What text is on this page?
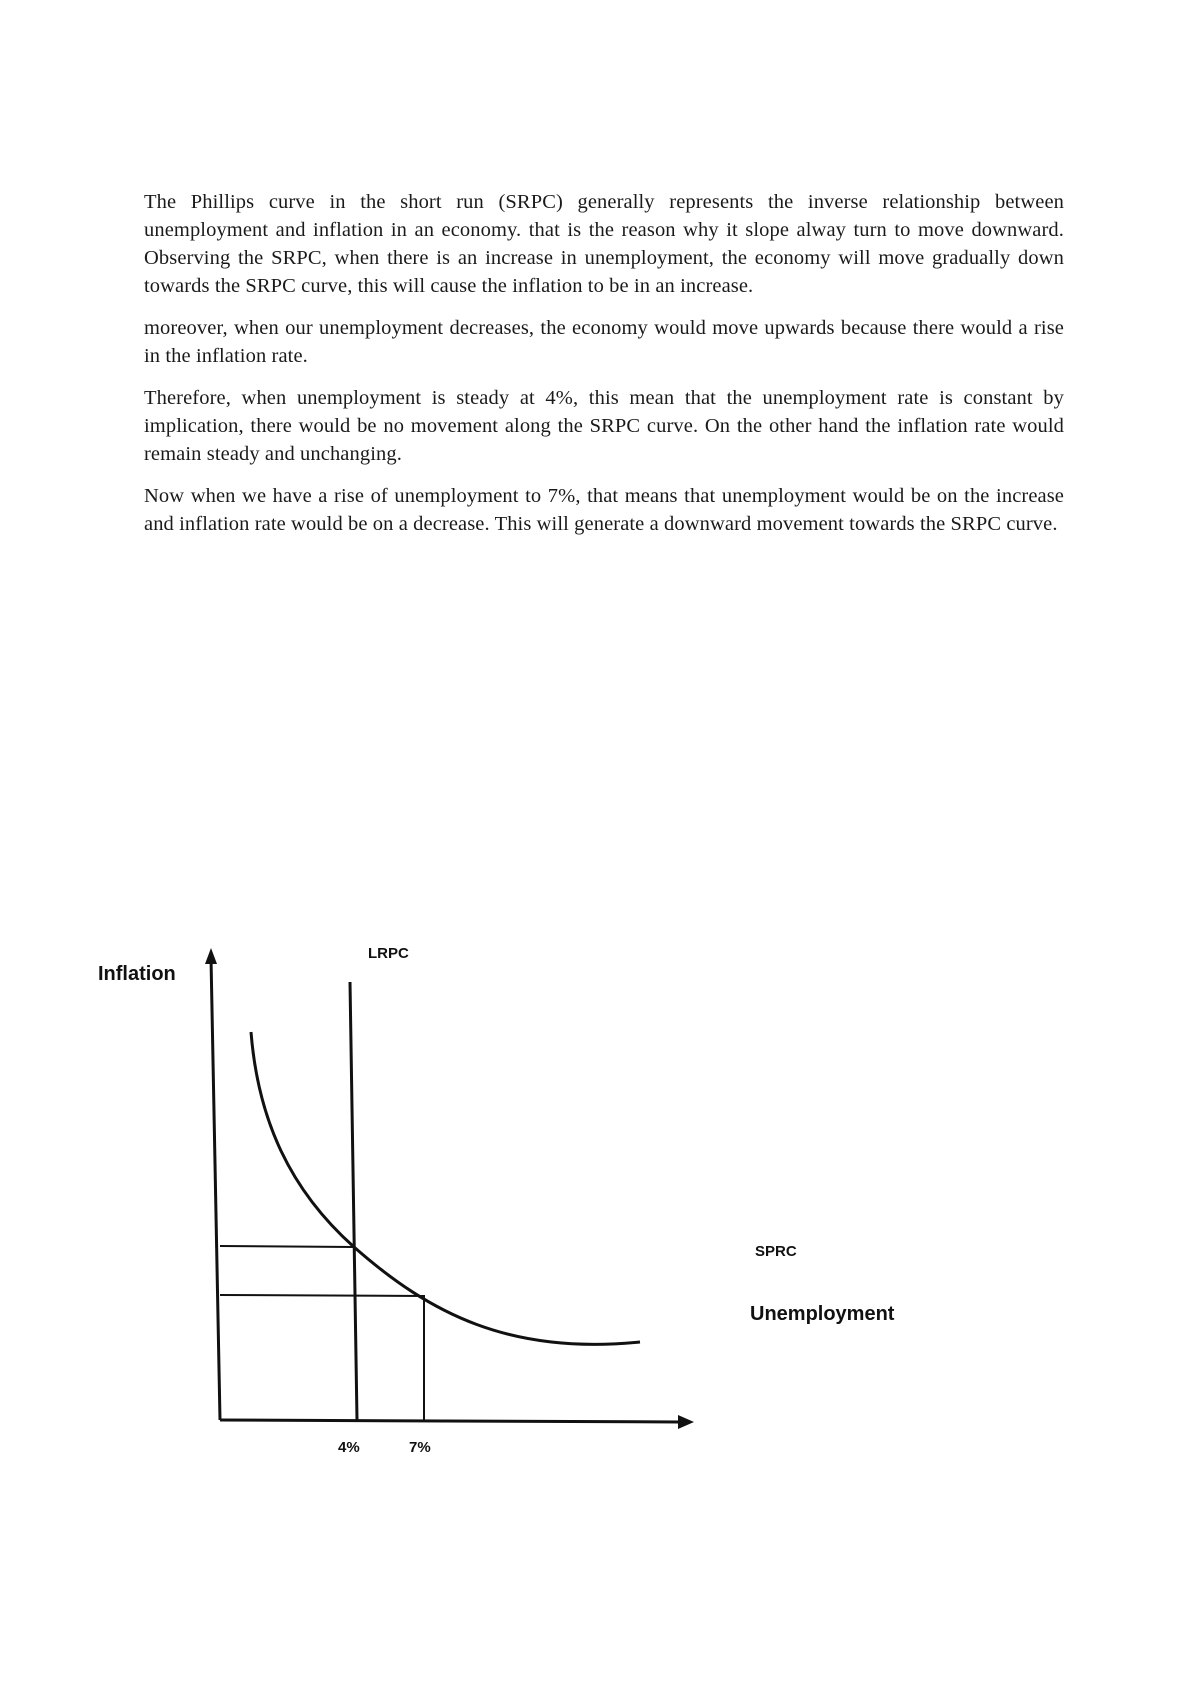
The Phillips curve in the short run (SRPC) generally represents the inverse relationship between unemployment and inflation in an economy. that is the reason why it slope alway turn to move downward. Observing the SRPC, when there is an increase in unemployment, the economy will move gradually down towards the SRPC curve, this will cause the inflation to be in an increase.

moreover, when our unemployment decreases, the economy would move upwards because there would a rise in the inflation rate.

Therefore, when unemployment is steady at 4%, this mean that the unemployment rate is constant by implication, there would be no movement along the SRPC curve. On the other hand the inflation rate would remain steady and unchanging.

Now when we have a rise of unemployment to 7%, that means that unemployment would be on the increase and inflation rate would be on a decrease. This will generate a downward movement towards the SRPC curve.

Inflation
LRPC
SPRC
Unemployment
4%	7%
